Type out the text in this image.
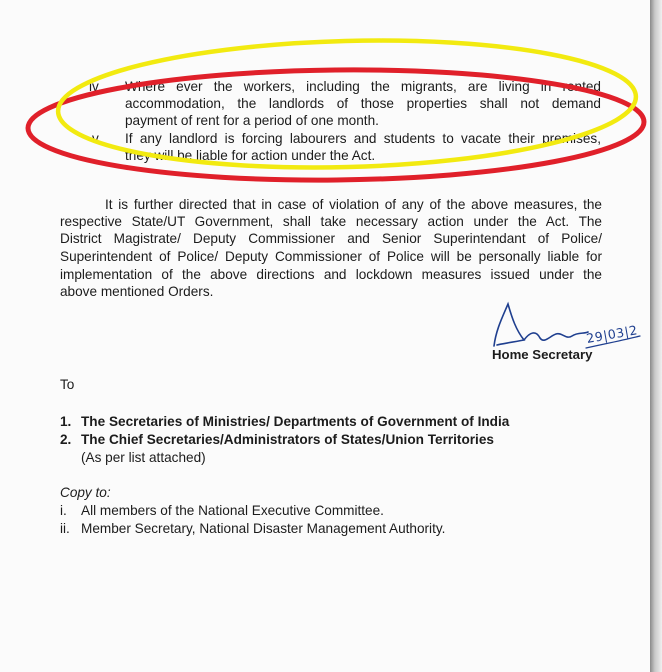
iv. Where ever the workers, including the migrants, are living in rented
accommodation, the landlords of those properties shall not demand
payment of rent for a period of one month.
v. If any landlord is forcing labourers and students to vacate their premises,
they will be liable for action under the Act.
It is further directed that in case of violation of any of the above measures, the
respective State/UT Government, shall take necessary action under the Act. The
District Magistrate/ Deputy Commissioner and Senior Superintendant of Police/
Superintendent of Police/ Deputy Commissioner of Police will be personally liable for
implementation of the above directions and lockdown measures issued under the
above mentioned Orders.
Home Secretary
29|03|2
To
1. The Secretaries of Ministries/ Departments of Government of India
2. The Chief Secretaries/Administrators of States/Union Territories
(As per list attached)
Copy to:
i. All members of the National Executive Committee.
ii. Member Secretary, National Disaster Management Authority.
